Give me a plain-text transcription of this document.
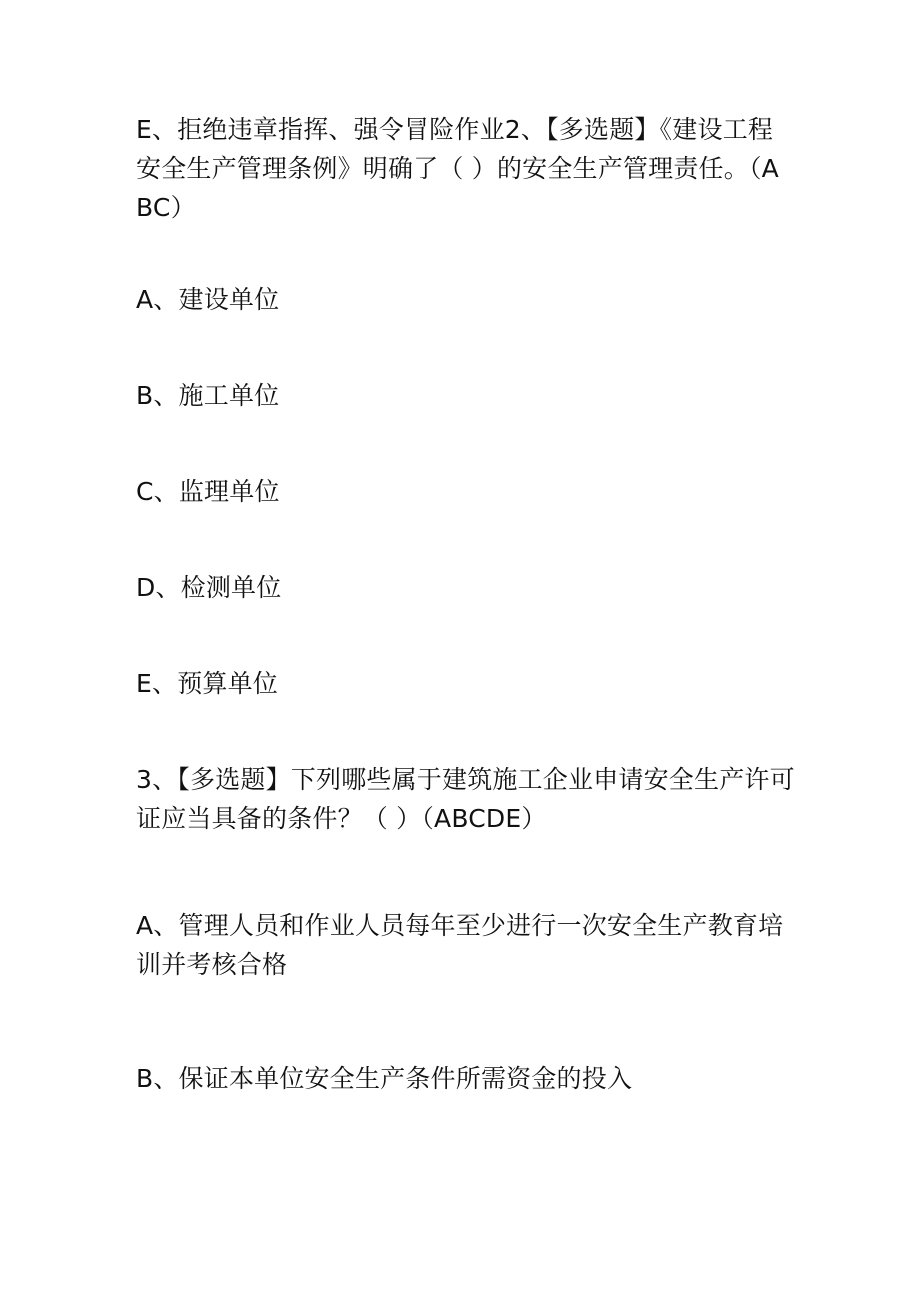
E、拒绝违章指挥、强令冒险作业2、【多选题】《建设工程安全生产管理条例》明确了（ ）的安全生产管理责任。（ABC）

A、建设单位

B、施工单位

C、监理单位

D、检测单位

E、预算单位

3、【多选题】下列哪些属于建筑施工企业申请安全生产许可证应当具备的条件？（ ）（ABCDE）

A、管理人员和作业人员每年至少进行一次安全生产教育培训并考核合格

B、保证本单位安全生产条件所需资金的投入
